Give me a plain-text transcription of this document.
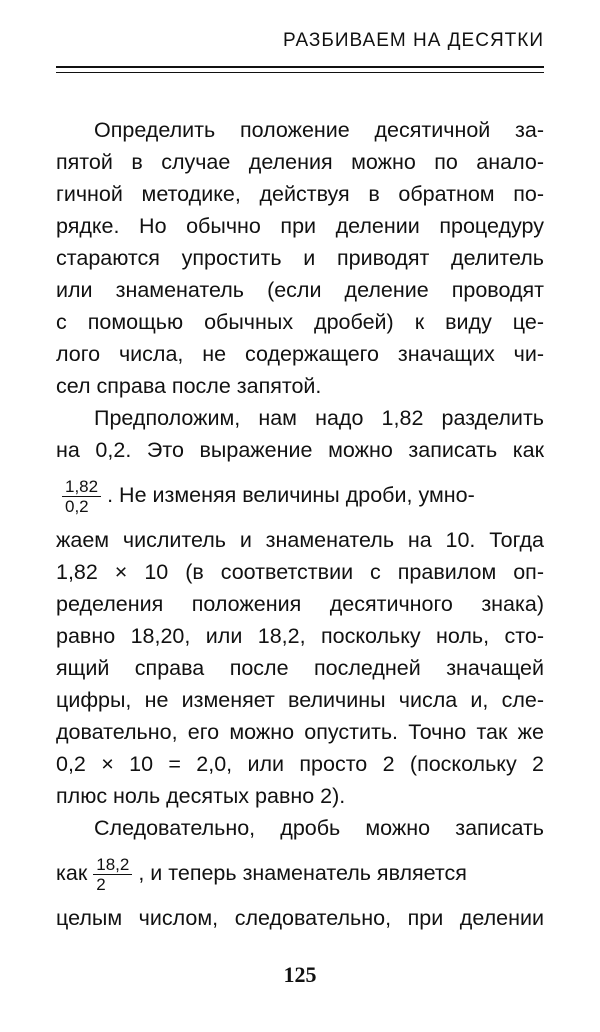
РАЗБИВАЕМ НА ДЕСЯТКИ
Определить положение десятичной за-
пятой в случае деления можно по анало-
гичной методике, действуя в обратном по-
рядке. Но обычно при делении процедуру
стараются упростить и приводят делитель
или знаменатель (если деление проводят
с помощью обычных дробей) к виду це-
лого числа, не содержащего значащих чи-
сел справа после запятой.
Предположим, нам надо 1,82 разделить
на 0,2. Это выражение можно записать как
$\frac{1,82}{0,2}$ . Не изменяя величины дроби, умно-
жаем числитель и знаменатель на 10. Тогда
1,82 × 10 (в соответствии с правилом оп-
ределения положения десятичного знака)
равно 18,20, или 18,2, поскольку ноль, сто-
ящий справа после последней значащей
цифры, не изменяет величины числа и, сле-
довательно, его можно опустить. Точно так же
0,2 × 10 = 2,0, или просто 2 (поскольку 2
плюс ноль десятых равно 2).
Следовательно, дробь можно записать
как $\frac{18,2}{2}$ , и теперь знаменатель является
целым числом, следовательно, при делении
125
